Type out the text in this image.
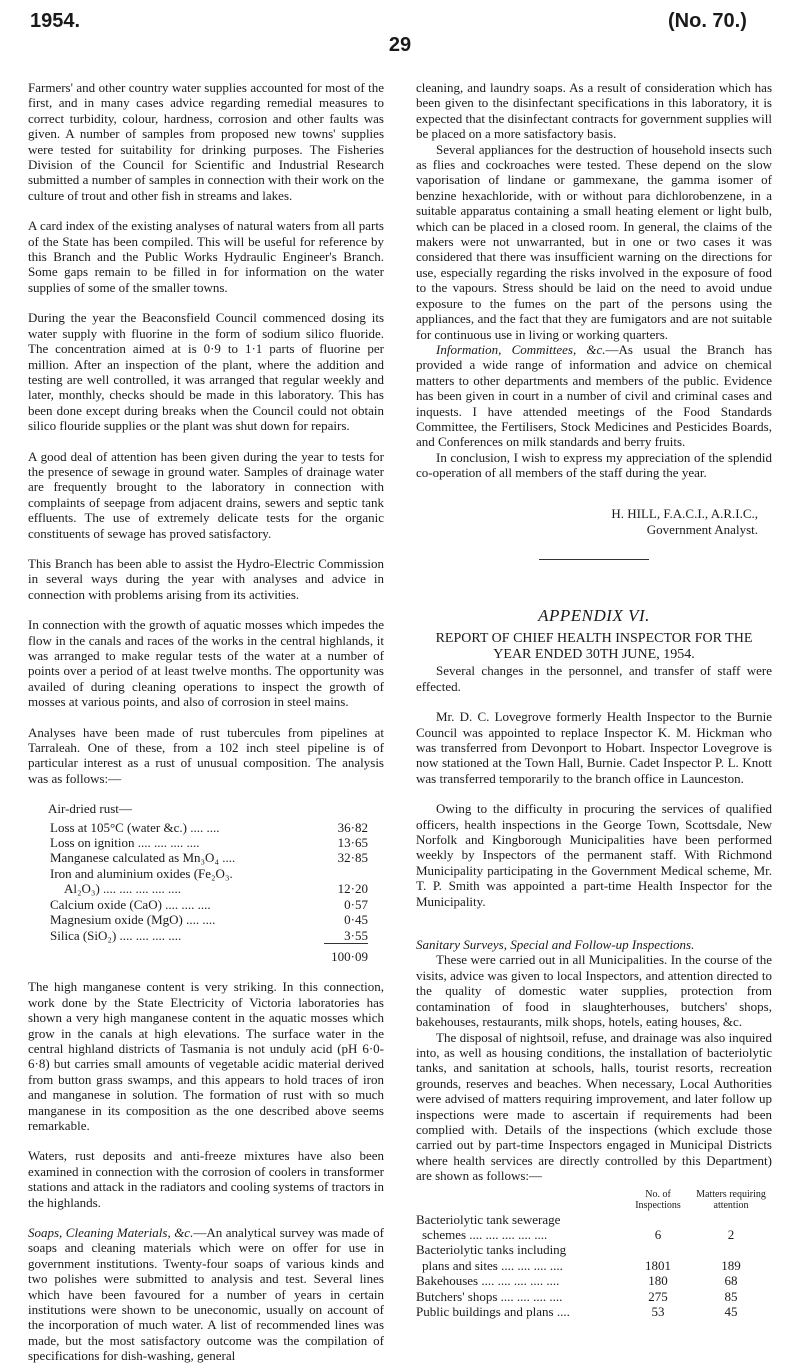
1954.	(No. 70.)
29

Farmers' and other country water supplies accounted for most of the first, and in many cases advice regarding remedial measures to correct turbidity, colour, hardness, corrosion and other faults was given. A number of samples from proposed new towns' supplies were tested for suitability for drinking purposes. The Fisheries Division of the Council for Scientific and Industrial Research submitted a number of samples in connection with their work on the culture of trout and other fish in streams and lakes.

A card index of the existing analyses of natural waters from all parts of the State has been compiled. This will be useful for reference by this Branch and the Public Works Hydraulic Engineer's Branch. Some gaps remain to be filled in for information on the water supplies of some of the smaller towns.

During the year the Beaconsfield Council commenced dosing its water supply with fluorine in the form of sodium silico fluoride. The concentration aimed at is 0·9 to 1·1 parts of fluorine per million. After an inspection of the plant, where the addition and testing are well controlled, it was arranged that regular weekly and later, monthly, checks should be made in this laboratory. This has been done except during breaks when the Council could not obtain silico flouride supplies or the plant was shut down for repairs.

A good deal of attention has been given during the year to tests for the presence of sewage in ground water. Samples of drainage water are frequently brought to the laboratory in connection with complaints of seepage from adjacent drains, sewers and septic tank effluents. The use of extremely delicate tests for the organic constituents of sewage has proved satisfactory.

This Branch has been able to assist the Hydro-Electric Commission in several ways during the year with analyses and advice in connection with problems arising from its activities.

In connection with the growth of aquatic mosses which impedes the flow in the canals and races of the works in the central highlands, it was arranged to make regular tests of the water at a number of points over a period of at least twelve months. The opportunity was availed of during cleaning operations to inspect the growth of mosses at various points, and also of corrosion in steel mains.

Analyses have been made of rust tubercules from pipelines at Tarraleah. One of these, from a 102 inch steel pipeline is of particular interest as a rust of unusual composition. The analysis was as follows:—

Air-dried rust—
Loss at 105°C (water &c.) .... ....	36·82
Loss on ignition .... .... .... ....	13·65
Manganese calculated as Mn₃O₄ ....	32·85
Iron and aluminium oxides (Fe₂O₃.	
Al₂O₃) .... .... .... .... ....	12·20
Calcium oxide (CaO) .... .... ....	0·57
Magnesium oxide (MgO) .... ....	0·45
Silica (SiO₂) .... .... .... ....	3·55
	100·09

The high manganese content is very striking. In this connection, work done by the State Electricity of Victoria laboratories has shown a very high manganese content in the aquatic mosses which grow in the canals at high elevations. The surface water in the central highland districts of Tasmania is not unduly acid (pH 6·0-6·8) but carries small amounts of vegetable acidic material derived from button grass swamps, and this appears to hold traces of iron and manganese in solution. The formation of rust with so much manganese in its composition as the one described above seems remarkable.

Waters, rust deposits and anti-freeze mixtures have also been examined in connection with the corrosion of coolers in transformer stations and attack in the radiators and cooling systems of tractors in the highlands.

Soaps, Cleaning Materials, &c.—An analytical survey was made of soaps and cleaning materials which were on offer for use in government institutions. Twenty-four soaps of various kinds and two polishes were submitted to analysis and test. Several lines which have been favoured for a number of years in certain institutions were shown to be uneconomic, usually on account of the incorporation of much water. A list of recommended lines was made, but the most satisfactory outcome was the compilation of specifications for dish-washing, general

cleaning, and laundry soaps. As a result of consideration which has been given to the disinfectant specifications in this laboratory, it is expected that the disinfectant contracts for government supplies will be placed on a more satisfactory basis.

Several appliances for the destruction of household insects such as flies and cockroaches were tested. These depend on the slow vaporisation of lindane or gammexane, the gamma isomer of benzine hexachloride, with or without para dichlorobenzene, in a suitable apparatus containing a small heating element or light bulb, which can be placed in a closed room. In general, the claims of the makers were not unwarranted, but in one or two cases it was considered that there was insufficient warning on the directions for use, especially regarding the risks involved in the exposure of food to the vapours. Stress should be laid on the need to avoid undue exposure to the fumes on the part of the persons using the appliances, and the fact that they are fumigators and are not suitable for continuous use in living or working quarters.

Information, Committees, &c.—As usual the Branch has provided a wide range of information and advice on chemical matters to other departments and members of the public. Evidence has been given in court in a number of civil and criminal cases and inquests. I have attended meetings of the Food Standards Committee, the Fertilisers, Stock Medicines and Pesticides Boards, and Conferences on milk standards and berry fruits.

In conclusion, I wish to express my appreciation of the splendid co-operation of all members of the staff during the year.

H. HILL, F.A.C.I., A.R.I.C.,
Government Analyst.
APPENDIX VI.
REPORT OF CHIEF HEALTH INSPECTOR FOR THE YEAR ENDED 30TH JUNE, 1954.

Several changes in the personnel, and transfer of staff were effected.

Mr. D. C. Lovegrove formerly Health Inspector to the Burnie Council was appointed to replace Inspector K. M. Hickman who was transferred from Devonport to Hobart. Inspector Lovegrove is now stationed at the Town Hall, Burnie. Cadet Inspector P. L. Knott was transferred temporarily to the branch office in Launceston.

Owing to the difficulty in procuring the services of qualified officers, health inspections in the George Town, Scottsdale, New Norfolk and Kingborough Municipalities have been performed weekly by Inspectors of the permanent staff. With Richmond Municipality participating in the Government Medical scheme, Mr. T. P. Smith was appointed a part-time Health Inspector for the Municipality.

Sanitary Surveys, Special and Follow-up Inspections.

These were carried out in all Municipalities. In the course of the visits, advice was given to local Inspectors, and attention directed to the quality of domestic water supplies, protection from contamination of food in slaughterhouses, butchers' shops, bakehouses, restaurants, milk shops, hotels, eating houses, &c.

The disposal of nightsoil, refuse, and drainage was also inquired into, as well as housing conditions, the installation of bacteriolytic tanks, and sanitation at schools, halls, tourist resorts, recreation grounds, reserves and beaches. When necessary, Local Authorities were advised of matters requiring improvement, and later follow up inspections were made to ascertain if requirements had been complied with. Details of the inspections (which exclude those carried out by part-time Inspectors engaged in Municipal Districts where health services are directly controlled by this Department) are shown as follows:—

	No. of Inspections	Matters requiring attention
Bacteriolytic tank sewerage		
schemes .... .... .... .... ....	6	2
Bacteriolytic tanks including		
plans and sites .... .... .... ....	1801	189
Bakehouses .... .... .... .... ....	180	68
Butchers' shops .... .... .... ....	275	85
Public buildings and plans ....	53	45
